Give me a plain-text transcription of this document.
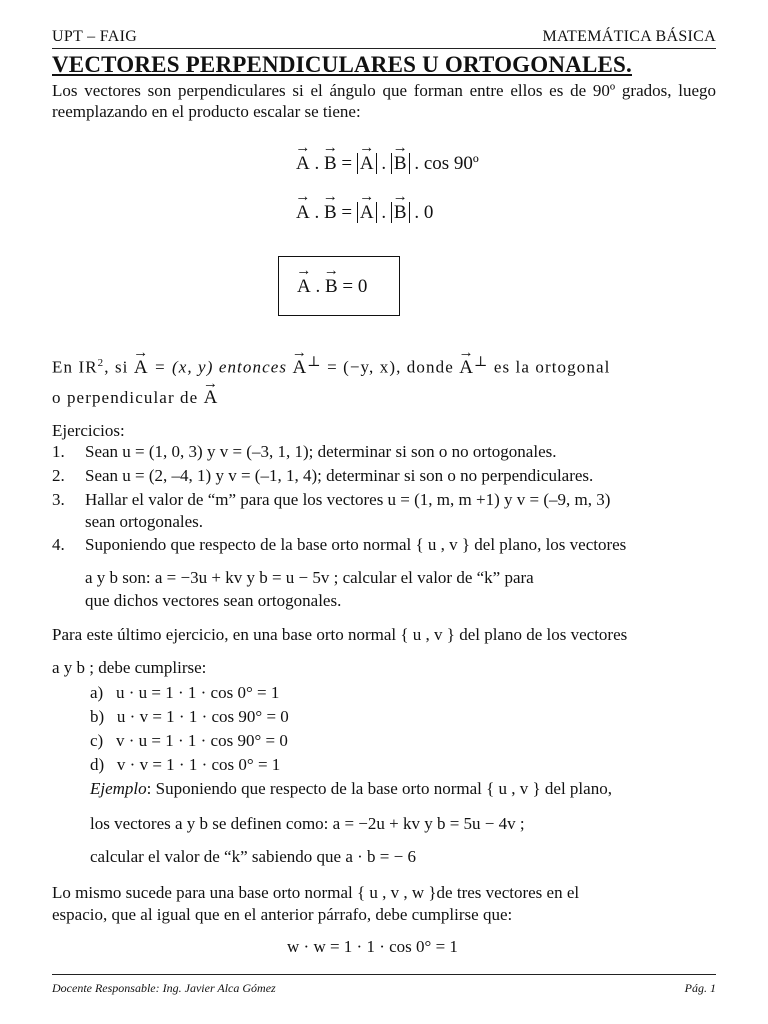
UPT – FAIG	MATEMÁTICA BÁSICA
VECTORES PERPENDICULARES U ORTOGONALES.
Los vectores son perpendiculares si el ángulo que forman entre ellos es de 90º grados, luego reemplazando en el producto escalar se tiene:
→ A . → B = → A . → B . cos 90º
→ A . → B = → A . → B . 0
→ A . → B = 0
En $IR^2$, si → A = (x, y) entonces → A⊥ = (−y, x), donde → A⊥ es la ortogonal
o perpendicular de → A
Ejercicios:
1. Sean u = (1, 0, 3) y v = (–3, 1, 1); determinar si son o no ortogonales.
2. Sean u = (2, –4, 1) y v = (–1, 1, 4); determinar si son o no perpendiculares.
3. Hallar el valor de “m” para que los vectores u = (1, m, m +1) y v = (–9, m, 3)
sean ortogonales.
4. Suponiendo que respecto de la base orto normal { u , v } del plano, los vectores
a y b son: a = −3u + kv y b = u − 5v ; calcular el valor de “k” para
que dichos vectores sean ortogonales.
Para este último ejercicio, en una base orto normal { u , v } del plano de los vectores
a y b ; debe cumplirse:
a) u · u = 1 · 1 · cos 0° = 1
b) u · v = 1 · 1 · cos 90° = 0
c) v · u = 1 · 1 · cos 90° = 0
d) v · v = 1 · 1 · cos 0° = 1
Ejemplo: Suponiendo que respecto de la base orto normal { u , v } del plano,
los vectores a y b se definen como: a = −2u + kv y b = 5u − 4v ;
calcular el valor de “k” sabiendo que a · b = − 6
Lo mismo sucede para una base orto normal { u , v , w }de tres vectores en el
espacio, que al igual que en el anterior párrafo, debe cumplirse que:
w · w = 1 · 1 · cos 0° = 1
Docente Responsable: Ing. Javier Alca Gómez	Pág. 1
